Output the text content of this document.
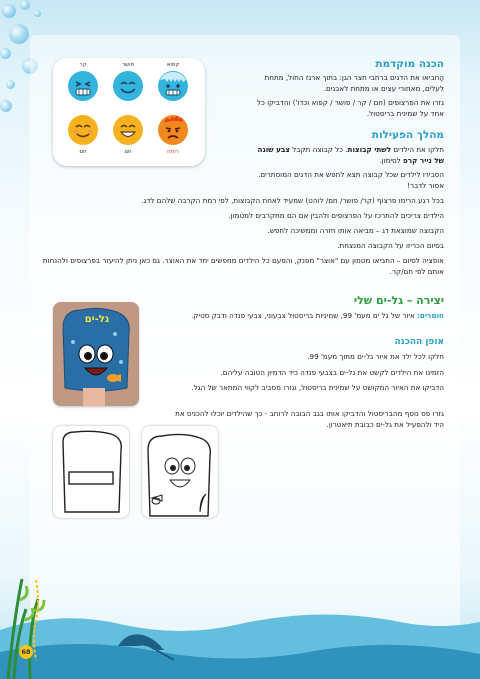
הכנה מוקדמת
הַחביאו את הדגים ברחבי חצר הגן: בתוך ארגז החול, מתחת לעלים, מאחורי עצים או מתחת לאבנים.
גזרו את הפרצופים (חם / קר / פושר / קפוא וכדו') והדביקו כל אחד על שמינית בריסטול.
קר	פושר	קפוא
חם	חם	רותח
מהלך הפעילות
חלקו את הילדים לשתי קבוצות. כל קבוצה תקבל צבע שונה של נייר קרפ לסימון.
הסבירו לילדים שכל קבוצה תצא לחפש את הדגים המוסתרים. אסור לדבר!
בכל רגע הרימו פרצוף (קר/ פושר/ חם/ לוהט) שמעיד לאחת הקבוצות, לפי רמת הקרבה שלהם לדג.
הילדים צריכים להתרכז על הפרצופים ולהבין אם הם מתקרבים למטמון.
הקבוצה שמוצאת דג – מביאה אותו חזרה וממשיכה לחפש.
בסיום הכריזו על הקבוצה המנצחת.
אופציה לסיום – החביאו מטמון עם "אוצר" מפנק, והפעם כל הילדים מחפשים יחד את האוצר. גם כאן ניתן להיעזר בפרצופים ולהנחות אותם לפי חם/קר.
יצירה – גל-ים שלי
חומרים: איור של גל ים מעמ' 99, שמיניות בריסטול צבעוני, צבעי פנדה ודבק סטיק.
אופן ההכנה
חלקו לכל ילד את איור גל-ים מתוך מעמ' 99.
הזמינו את הילדים לקשט את גל-ים בצבעי פנדה כיד הדמיון הטובה עליהם.
הדביקו את האיור המקושט על שמינית בריסטול, וגזרו מסביב לקווי המתאר של הגל.
גזרו פס נוסף מהבריסטול והדביקו אותו בגב הבובה לרוחב - כך שהילדים יוכלו להכניס את היד ולהפעיל את גל-ים כבובת תיאטרון.
גל-ים
68
